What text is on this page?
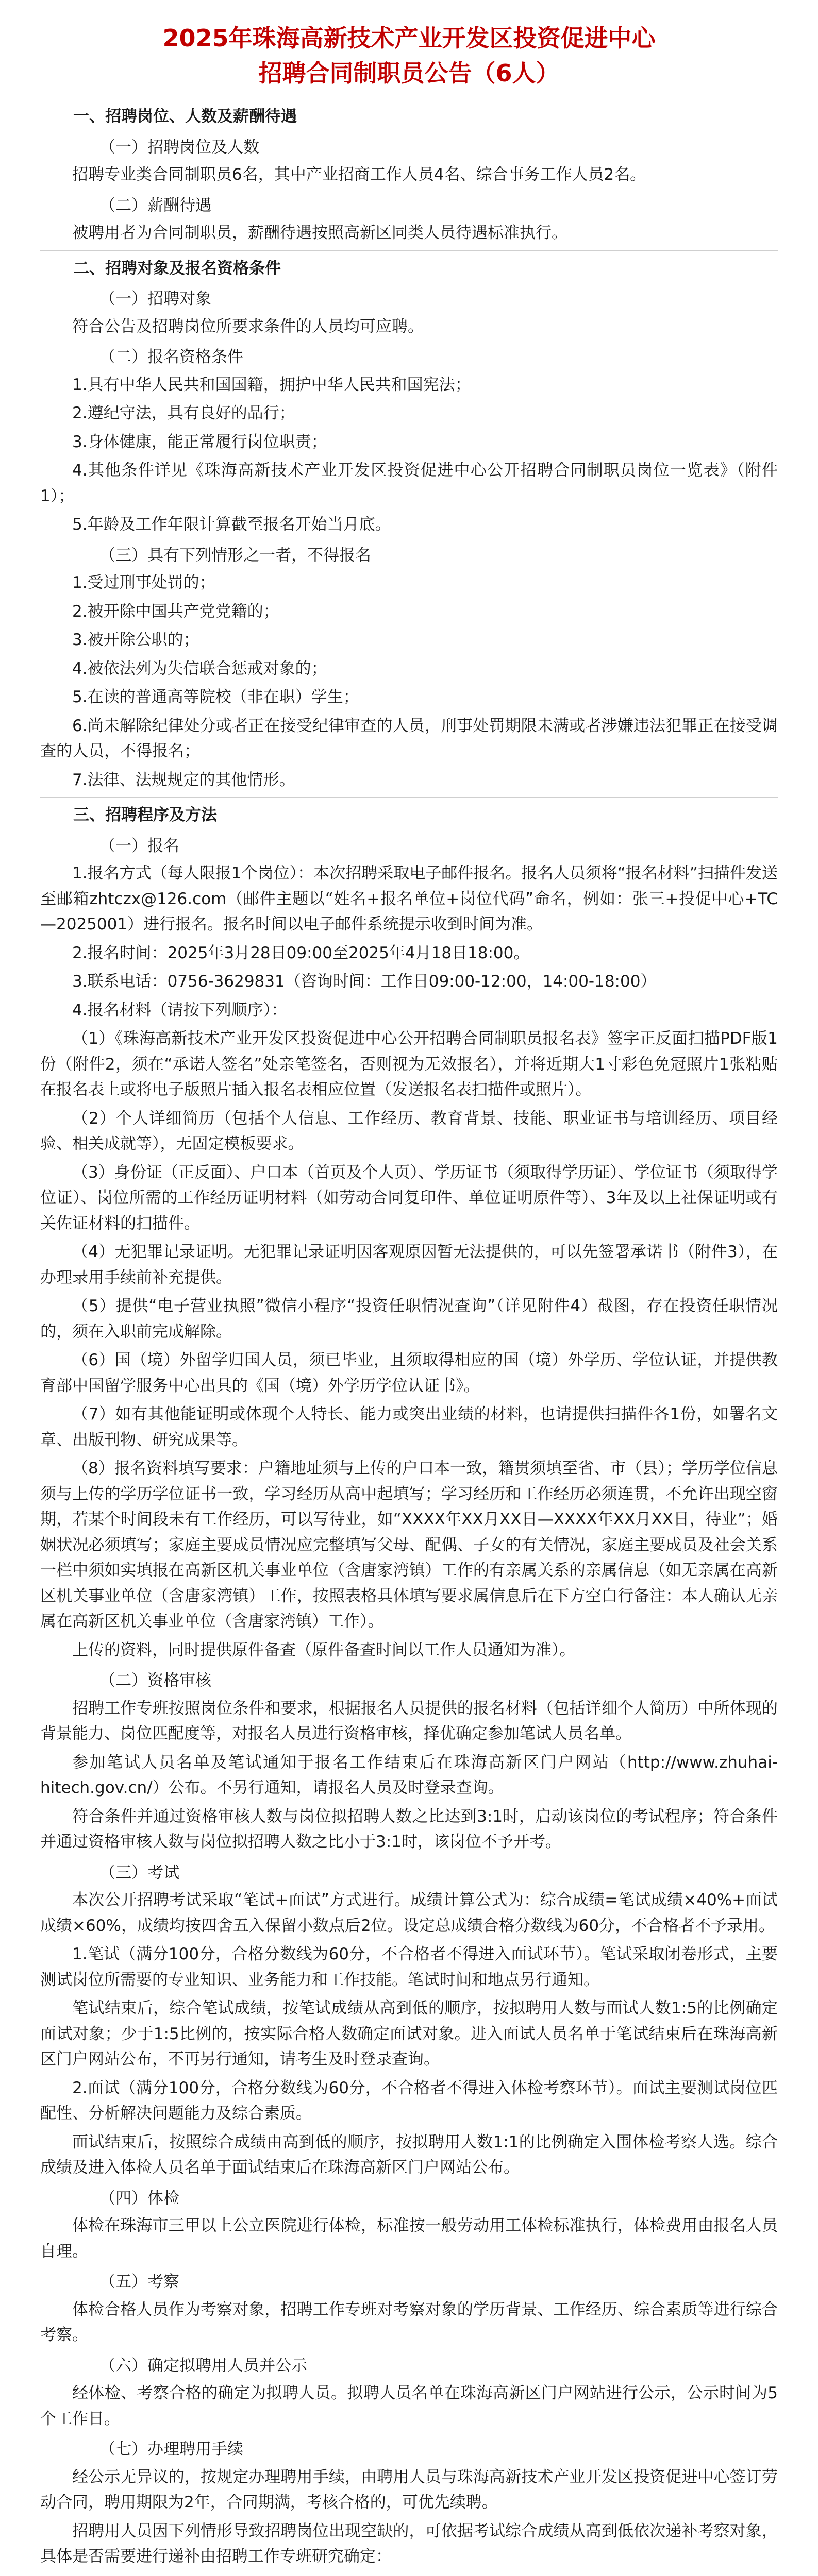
2025年珠海高新技术产业开发区投资促进中心
招聘合同制职员公告（6人）

一、招聘岗位、人数及薪酬待遇

（一）招聘岗位及人数

招聘专业类合同制职员6名，其中产业招商工作人员4名、综合事务工作人员2名。

（二）薪酬待遇

被聘用者为合同制职员，薪酬待遇按照高新区同类人员待遇标准执行。

二、招聘对象及报名资格条件

（一）招聘对象

符合公告及招聘岗位所要求条件的人员均可应聘。

（二）报名资格条件

1.具有中华人民共和国国籍，拥护中华人民共和国宪法；

2.遵纪守法，具有良好的品行；

3.身体健康，能正常履行岗位职责；

4.其他条件详见《珠海高新技术产业开发区投资促进中心公开招聘合同制职员岗位一览表》（附件1）；

5.年龄及工作年限计算截至报名开始当月底。

（三）具有下列情形之一者，不得报名

1.受过刑事处罚的；

2.被开除中国共产党党籍的；

3.被开除公职的；

4.被依法列为失信联合惩戒对象的；

5.在读的普通高等院校（非在职）学生；

6.尚未解除纪律处分或者正在接受纪律审查的人员，刑事处罚期限未满或者涉嫌违法犯罪正在接受调查的人员，不得报名；

7.法律、法规规定的其他情形。

三、招聘程序及方法

（一）报名

1.报名方式（每人限报1个岗位）：本次招聘采取电子邮件报名。报名人员须将“报名材料”扫描件发送至邮箱zhtczx@126.com（邮件主题以“姓名+报名单位+岗位代码”命名，例如：张三+投促中心+TC—2025001）进行报名。报名时间以电子邮件系统提示收到时间为准。

2.报名时间：2025年3月28日09:00至2025年4月18日18:00。

3.联系电话：0756-3629831（咨询时间：工作日09:00-12:00，14:00-18:00）

4.报名材料（请按下列顺序）：

（1）《珠海高新技术产业开发区投资促进中心公开招聘合同制职员报名表》签字正反面扫描PDF版1份（附件2，须在“承诺人签名”处亲笔签名，否则视为无效报名），并将近期大1寸彩色免冠照片1张粘贴在报名表上或将电子版照片插入报名表相应位置（发送报名表扫描件或照片）。

（2）个人详细简历（包括个人信息、工作经历、教育背景、技能、职业证书与培训经历、项目经验、相关成就等），无固定模板要求。

（3）身份证（正反面）、户口本（首页及个人页）、学历证书（须取得学历证）、学位证书（须取得学位证）、岗位所需的工作经历证明材料（如劳动合同复印件、单位证明原件等）、3年及以上社保证明或有关佐证材料的扫描件。

（4）无犯罪记录证明。无犯罪记录证明因客观原因暂无法提供的，可以先签署承诺书（附件3），在办理录用手续前补充提供。

（5）提供“电子营业执照”微信小程序“投资任职情况查询”（详见附件4）截图，存在投资任职情况的，须在入职前完成解除。

（6）国（境）外留学归国人员，须已毕业，且须取得相应的国（境）外学历、学位认证，并提供教育部中国留学服务中心出具的《国（境）外学历学位认证书》。

（7）如有其他能证明或体现个人特长、能力或突出业绩的材料，也请提供扫描件各1份，如署名文章、出版刊物、研究成果等。

（8）报名资料填写要求：户籍地址须与上传的户口本一致，籍贯须填至省、市（县）；学历学位信息须与上传的学历学位证书一致，学习经历从高中起填写；学习经历和工作经历必须连贯，不允许出现空窗期，若某个时间段未有工作经历，可以写待业，如“XXXX年XX月XX日—XXXX年XX月XX日，待业”；婚姻状况必须填写；家庭主要成员情况应完整填写父母、配偶、子女的有关情况，家庭主要成员及社会关系一栏中须如实填报在高新区机关事业单位（含唐家湾镇）工作的有亲属关系的亲属信息（如无亲属在高新区机关事业单位（含唐家湾镇）工作，按照表格具体填写要求属信息后在下方空白行备注：本人确认无亲属在高新区机关事业单位（含唐家湾镇）工作）。

上传的资料，同时提供原件备查（原件备查时间以工作人员通知为准）。

（二）资格审核

招聘工作专班按照岗位条件和要求，根据报名人员提供的报名材料（包括详细个人简历）中所体现的背景能力、岗位匹配度等，对报名人员进行资格审核，择优确定参加笔试人员名单。

参加笔试人员名单及笔试通知于报名工作结束后在珠海高新区门户网站（http://www.zhuhai-hitech.gov.cn/）公布。不另行通知，请报名人员及时登录查询。

符合条件并通过资格审核人数与岗位拟招聘人数之比达到3:1时，启动该岗位的考试程序；符合条件并通过资格审核人数与岗位拟招聘人数之比小于3:1时，该岗位不予开考。

（三）考试

本次公开招聘考试采取“笔试+面试”方式进行。成绩计算公式为：综合成绩=笔试成绩×40%+面试成绩×60%，成绩均按四舍五入保留小数点后2位。设定总成绩合格分数线为60分，不合格者不予录用。

1.笔试（满分100分，合格分数线为60分，不合格者不得进入面试环节）。笔试采取闭卷形式，主要测试岗位所需要的专业知识、业务能力和工作技能。笔试时间和地点另行通知。

笔试结束后，综合笔试成绩，按笔试成绩从高到低的顺序，按拟聘用人数与面试人数1:5的比例确定面试对象；少于1:5比例的，按实际合格人数确定面试对象。进入面试人员名单于笔试结束后在珠海高新区门户网站公布，不再另行通知，请考生及时登录查询。

2.面试（满分100分，合格分数线为60分，不合格者不得进入体检考察环节）。面试主要测试岗位匹配性、分析解决问题能力及综合素质。

面试结束后，按照综合成绩由高到低的顺序，按拟聘用人数1:1的比例确定入围体检考察人选。综合成绩及进入体检人员名单于面试结束后在珠海高新区门户网站公布。

（四）体检

体检在珠海市三甲以上公立医院进行体检，标准按一般劳动用工体检标准执行，体检费用由报名人员自理。

（五）考察

体检合格人员作为考察对象，招聘工作专班对考察对象的学历背景、工作经历、综合素质等进行综合考察。

（六）确定拟聘用人员并公示

经体检、考察合格的确定为拟聘人员。拟聘人员名单在珠海高新区门户网站进行公示，公示时间为5个工作日。

（七）办理聘用手续

经公示无异议的，按规定办理聘用手续，由聘用人员与珠海高新技术产业开发区投资促进中心签订劳动合同，聘用期限为2年，合同期满，考核合格的，可优先续聘。

招聘用人员因下列情形导致招聘岗位出现空缺的，可依据考试综合成绩从高到低依次递补考察对象，具体是否需要进行递补由招聘工作专班研究确定：
